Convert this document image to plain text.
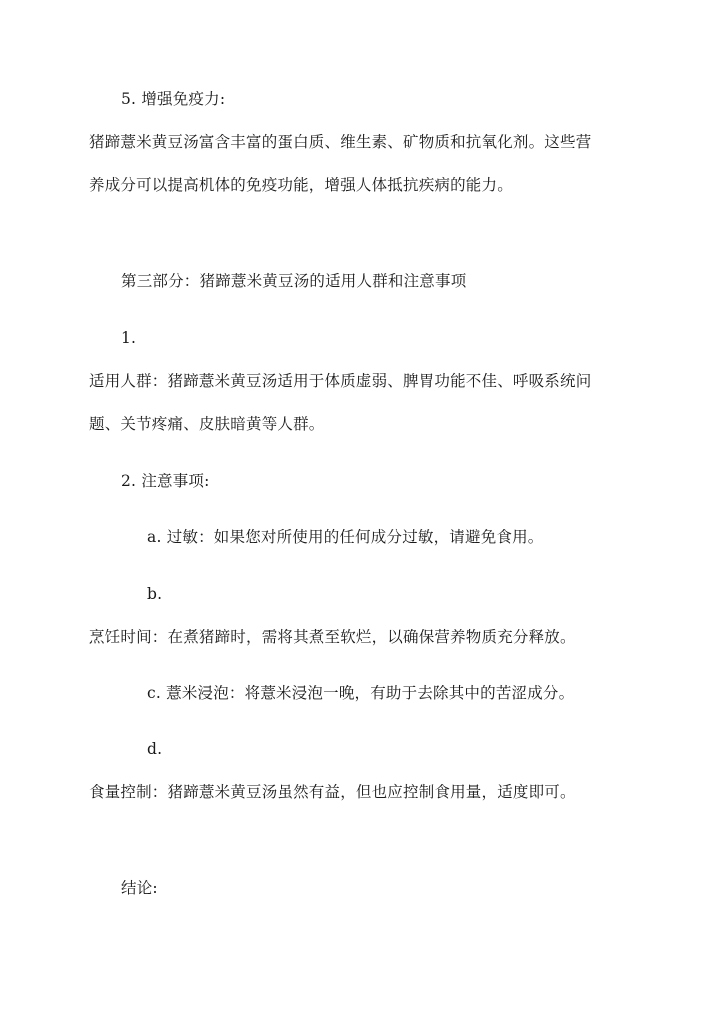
5. 增强免疫力:
猪蹄薏米黄豆汤富含丰富的蛋白质、维生素、矿物质和抗氧化剂。这些营
养成分可以提高机体的免疫功能，增强人体抵抗疾病的能力。
第三部分：猪蹄薏米黄豆汤的适用人群和注意事项
1.
适用人群：猪蹄薏米黄豆汤适用于体质虚弱、脾胃功能不佳、呼吸系统问
题、关节疼痛、皮肤暗黄等人群。
2. 注意事项:
a. 过敏：如果您对所使用的任何成分过敏，请避免食用。
b.
烹饪时间：在煮猪蹄时，需将其煮至软烂，以确保营养物质充分释放。
c. 薏米浸泡：将薏米浸泡一晚，有助于去除其中的苦涩成分。
d.
食量控制：猪蹄薏米黄豆汤虽然有益，但也应控制食用量，适度即可。
结论:
